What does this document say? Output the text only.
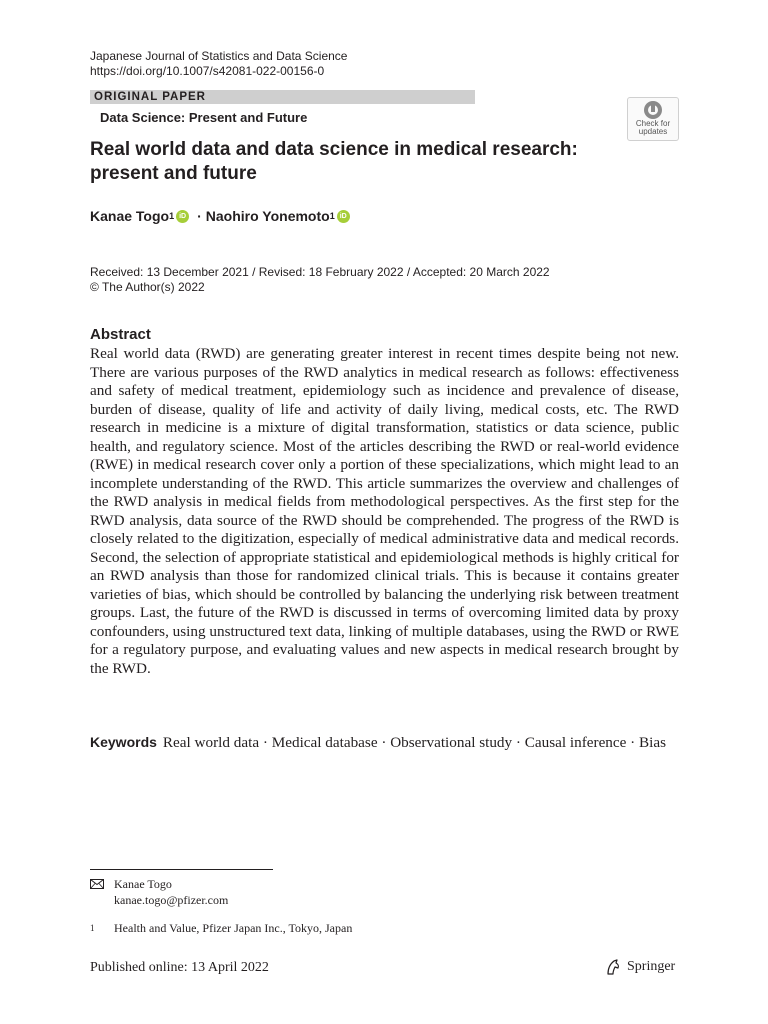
Japanese Journal of Statistics and Data Science
https://doi.org/10.1007/s42081-022-00156-0
ORIGINAL PAPER
Data Science: Present and Future	Check for
updates
Real world data and data science in medical research:
present and future
Kanae Togo 1 iD · Naohiro Yonemoto 1 iD
Received: 13 December 2021 / Revised: 18 February 2022 / Accepted: 20 March 2022
© The Author(s) 2022
Abstract
Real world data (RWD) are generating greater interest in recent times despite being not new. There are various purposes of the RWD analytics in medical research as follows: effectiveness and safety of medical treatment, epidemiology such as incidence and prevalence of disease, burden of disease, quality of life and activity of daily living, medical costs, etc. The RWD research in medicine is a mixture of digital transformation, statistics or data science, public health, and regulatory science. Most of the articles describing the RWD or real-world evidence (RWE) in medical research cover only a portion of these specializations, which might lead to an incomplete understanding of the RWD. This article summarizes the overview and challenges of the RWD analysis in medical fields from methodological perspectives. As the first step for the RWD analysis, data source of the RWD should be comprehended. The progress of the RWD is closely related to the digitization, especially of medical administrative data and medical records. Second, the selection of appropriate statistical and epidemiological methods is highly critical for an RWD analysis than those for randomized clinical trials. This is because it contains greater varieties of bias, which should be controlled by balancing the underlying risk between treatment groups. Last, the future of the RWD is discussed in terms of overcoming limited data by proxy confounders, using unstructured text data, linking of multiple databases, using the RWD or RWE for a regulatory purpose, and evaluating values and new aspects in medical research brought by the RWD.
Keywords Real world data · Medical database · Observational study · Causal inference · Bias
Kanae Togo
kanae.togo@pfizer.com
1 Health and Value, Pfizer Japan Inc., Tokyo, Japan
Published online: 13 April 2022	Springer
